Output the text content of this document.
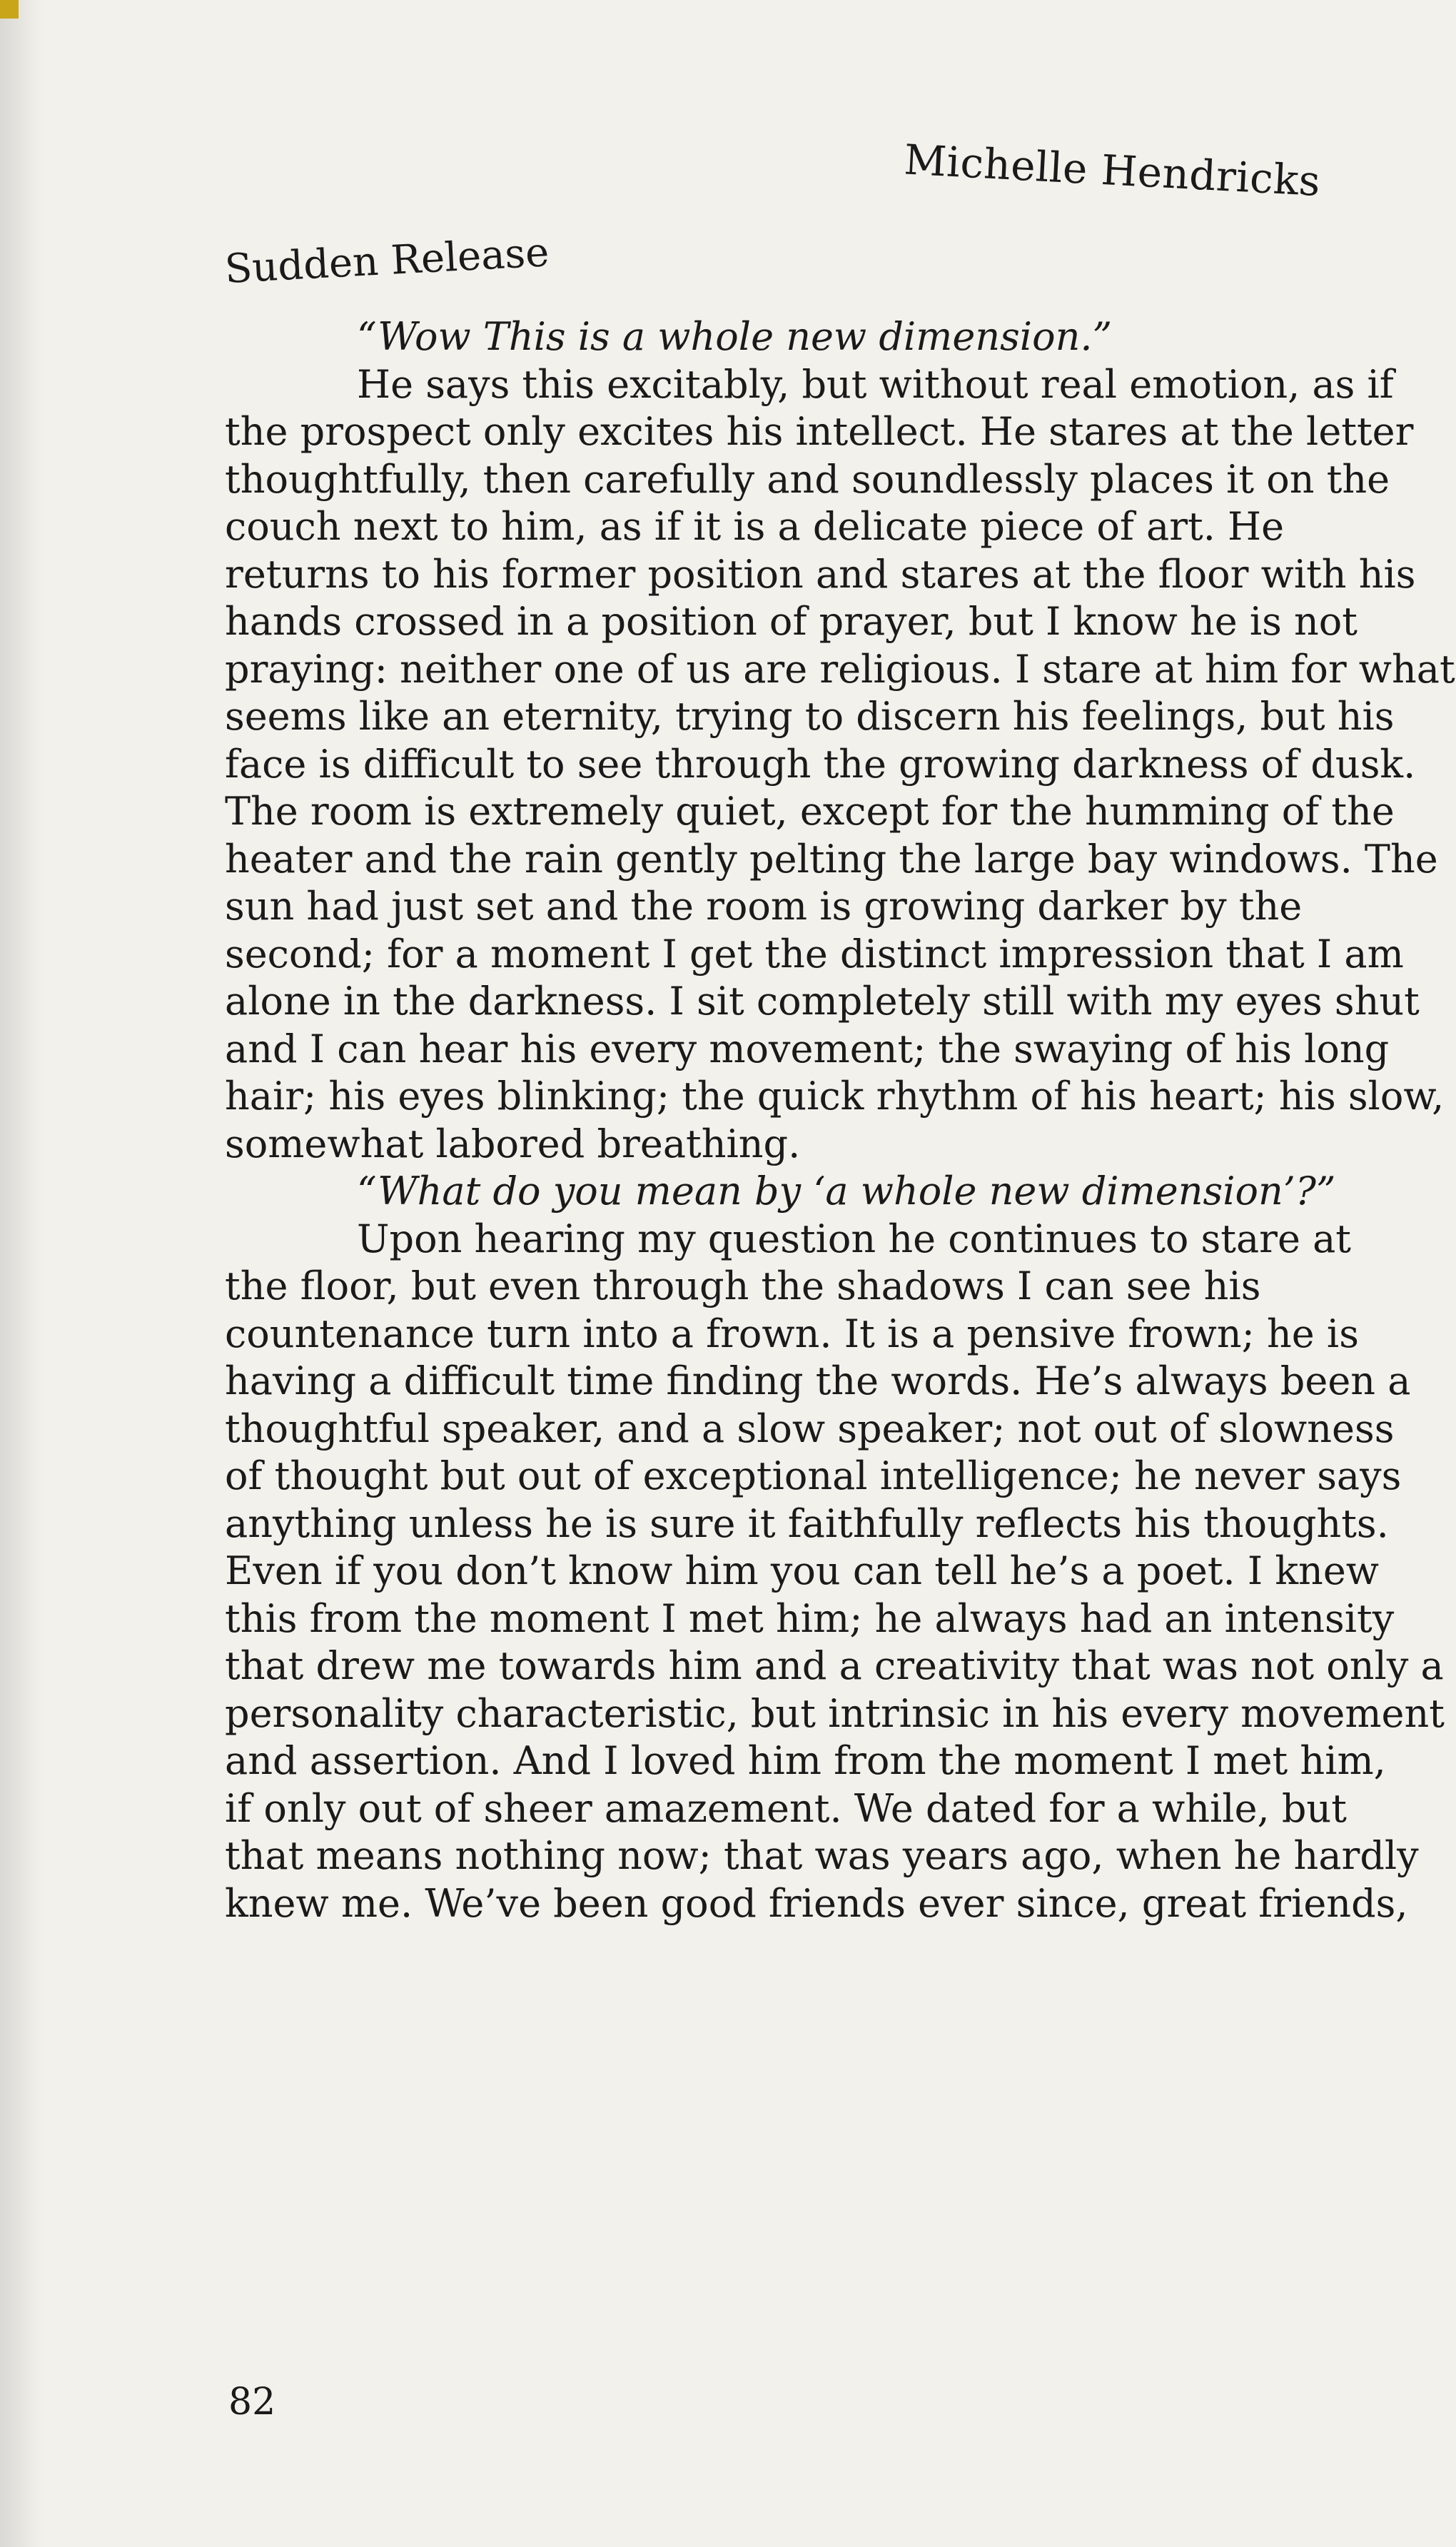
Michelle Hendricks
Sudden Release
“Wow This is a whole new dimension.”
He says this excitably, but without real emotion, as if
the prospect only excites his intellect. He stares at the letter
thoughtfully, then carefully and soundlessly places it on the
couch next to him, as if it is a delicate piece of art. He
returns to his former position and stares at the floor with his
hands crossed in a position of prayer, but I know he is not
praying: neither one of us are religious. I stare at him for what
seems like an eternity, trying to discern his feelings, but his
face is difficult to see through the growing darkness of dusk.
The room is extremely quiet, except for the humming of the
heater and the rain gently pelting the large bay windows. The
sun had just set and the room is growing darker by the
second; for a moment I get the distinct impression that I am
alone in the darkness. I sit completely still with my eyes shut
and I can hear his every movement; the swaying of his long
hair; his eyes blinking; the quick rhythm of his heart; his slow,
somewhat labored breathing.
“What do you mean by ‘a whole new dimension’?”
Upon hearing my question he continues to stare at
the floor, but even through the shadows I can see his
countenance turn into a frown. It is a pensive frown; he is
having a difficult time finding the words. He’s always been a
thoughtful speaker, and a slow speaker; not out of slowness
of thought but out of exceptional intelligence; he never says
anything unless he is sure it faithfully reflects his thoughts.
Even if you don’t know him you can tell he’s a poet. I knew
this from the moment I met him; he always had an intensity
that drew me towards him and a creativity that was not only a
personality characteristic, but intrinsic in his every movement
and assertion. And I loved him from the moment I met him,
if only out of sheer amazement. We dated for a while, but
that means nothing now; that was years ago, when he hardly
knew me. We’ve been good friends ever since, great friends,
82
